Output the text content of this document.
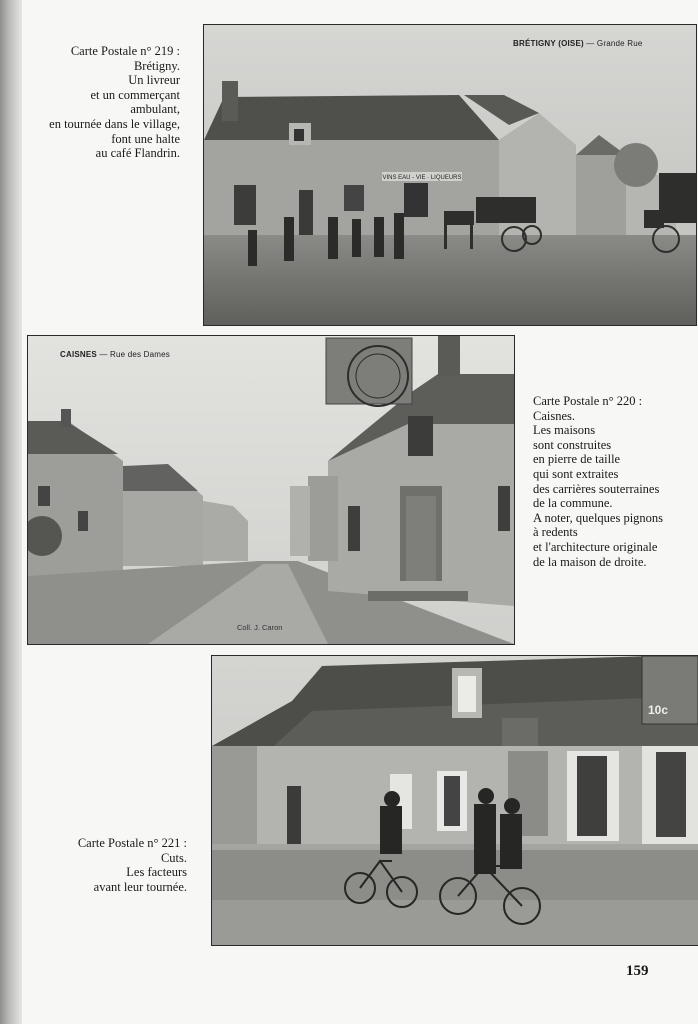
Carte Postale n° 219 :
Brétigny.
Un livreur
et un commerçant
ambulant,
en tournée dans le village,
font une halte
au café Flandrin.
VINS EAU - VIE · LIQUEURS
BRÉTIGNY (OISE) — Grande Rue
CAISNES — Rue des Dames
Coll. J. Caron
Carte Postale n° 220 :
Caisnes.
Les maisons
sont construites
en pierre de taille
qui sont extraites
des carrières souterraines
de la commune.
A noter, quelques pignons
à redents
et l'architecture originale
de la maison de droite.
10c
Carte Postale n° 221 :
Cuts.
Les facteurs
avant leur tournée.
159
